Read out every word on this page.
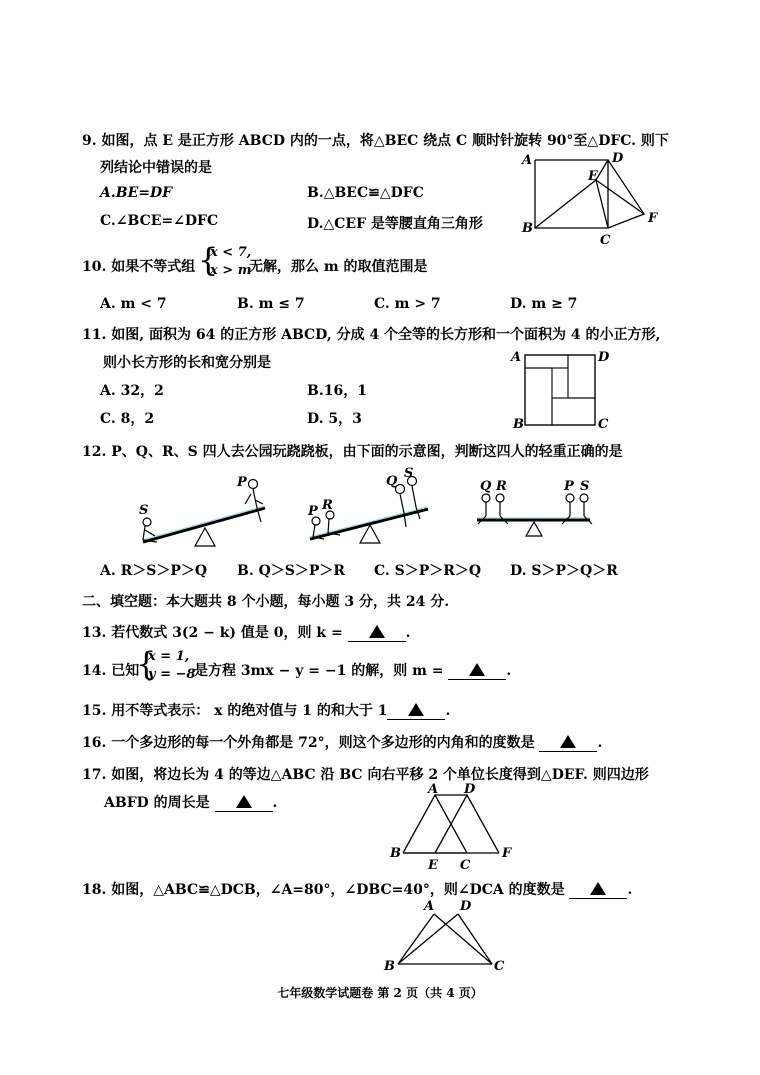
9. 如图，点 E 是正方形 ABCD 内的一点，将△BEC 绕点 C 顺时针旋转 90°至△DFC. 则下
列结论中错误的是
A.BE=DF	B.△BEC≌△DFC
C.∠BCE=∠DFC	D.△CEF 是等腰直角三角形
A	D
E
F
B
C
10. 如果不等式组 {
x < 7,
x > m
无解，那么 m 的取值范围是
A. m < 7	B. m ≤ 7	C. m > 7	D. m ≥ 7
11. 如图, 面积为 64 的正方形 ABCD, 分成 4 个全等的长方形和一个面积为 4 的小正方形,
则小长方形的长和宽分别是
A. 32，2	B.16，1
C. 8，2	D. 5，3
A	D
B	C
12. P、Q、R、S 四人去公园玩跷跷板，由下面的示意图，判断这四人的轻重正确的是
S
P
P R
Q
S
Q R	P S
A. R＞S＞P＞Q B. Q＞S＞P＞R C. S＞P＞R＞Q D. S＞P＞Q＞R
二、填空题：本大题共 8 个小题，每小题 3 分，共 24 分.
13. 若代数式 3(2 − k) 值是 0，则 k =	.
14. 已知
{
x = 1,
y = −8
是方程 3mx − y = −1 的解，则 m =	.
15. 用不等式表示： x 的绝对值与 1 的和大于 1	.
16. 一个多边形的每一个外角都是 72°，则这个多边形的内角和的度数是	.
17. 如图，将边长为 4 的等边△ABC 沿 BC 向右平移 2 个单位长度得到△DEF. 则四边形
ABFD 的周长是	.
A D
B
E C
F
18. 如图，△ABC≌△DCB，∠A=80°，∠DBC=40°，则∠DCA 的度数是	.
A D
B	C
七年级数学试题卷 第 2 页（共 4 页）
